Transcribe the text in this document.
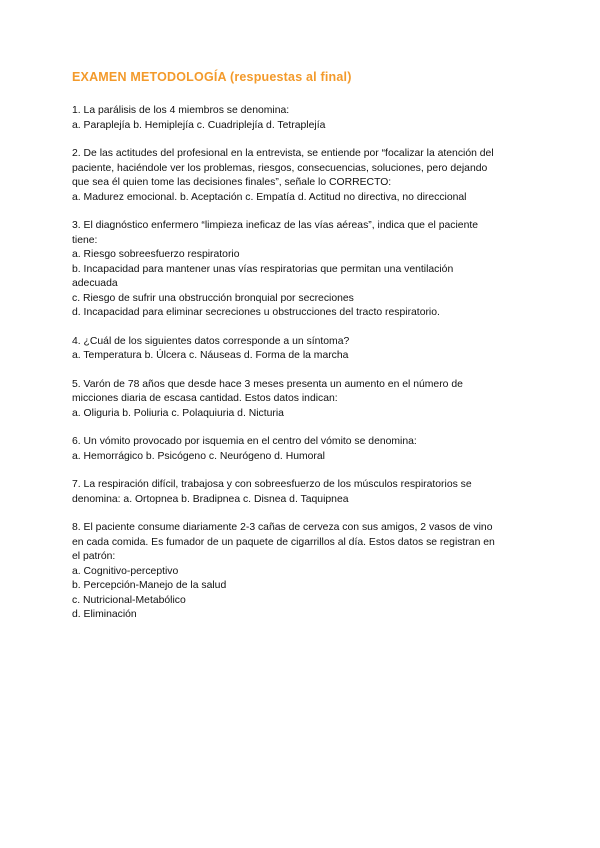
EXAMEN METODOLOGÍA (respuestas al final)
1. La parálisis de los 4 miembros se denomina:
a. Paraplejía b. Hemiplejía c. Cuadriplejía d. Tetraplejía
2. De las actitudes del profesional en la entrevista, se entiende por “focalizar la atención del
paciente, haciéndole ver los problemas, riesgos, consecuencias, soluciones, pero dejando
que sea él quien tome las decisiones finales”, señale lo CORRECTO:
a. Madurez emocional. b. Aceptación c. Empatía d. Actitud no directiva, no direccional
3. El diagnóstico enfermero “limpieza ineficaz de las vías aéreas”, indica que el paciente
tiene:
a. Riesgo sobreesfuerzo respiratorio
b. Incapacidad para mantener unas vías respiratorias que permitan una ventilación
adecuada
c. Riesgo de sufrir una obstrucción bronquial por secreciones
d. Incapacidad para eliminar secreciones u obstrucciones del tracto respiratorio.
4. ¿Cuál de los siguientes datos corresponde a un síntoma?
a. Temperatura b. Úlcera c. Náuseas d. Forma de la marcha
5. Varón de 78 años que desde hace 3 meses presenta un aumento en el número de
micciones diaria de escasa cantidad. Estos datos indican:
a. Oliguria b. Poliuria c. Polaquiuria d. Nicturia
6. Un vómito provocado por isquemia en el centro del vómito se denomina:
a. Hemorrágico b. Psicógeno c. Neurógeno d. Humoral
7. La respiración difícil, trabajosa y con sobreesfuerzo de los músculos respiratorios se
denomina: a. Ortopnea b. Bradipnea c. Disnea d. Taquipnea
8. El paciente consume diariamente 2-3 cañas de cerveza con sus amigos, 2 vasos de vino
en cada comida. Es fumador de un paquete de cigarrillos al día. Estos datos se registran en
el patrón:
a. Cognitivo-perceptivo
b. Percepción-Manejo de la salud
c. Nutricional-Metabólico
d. Eliminación
